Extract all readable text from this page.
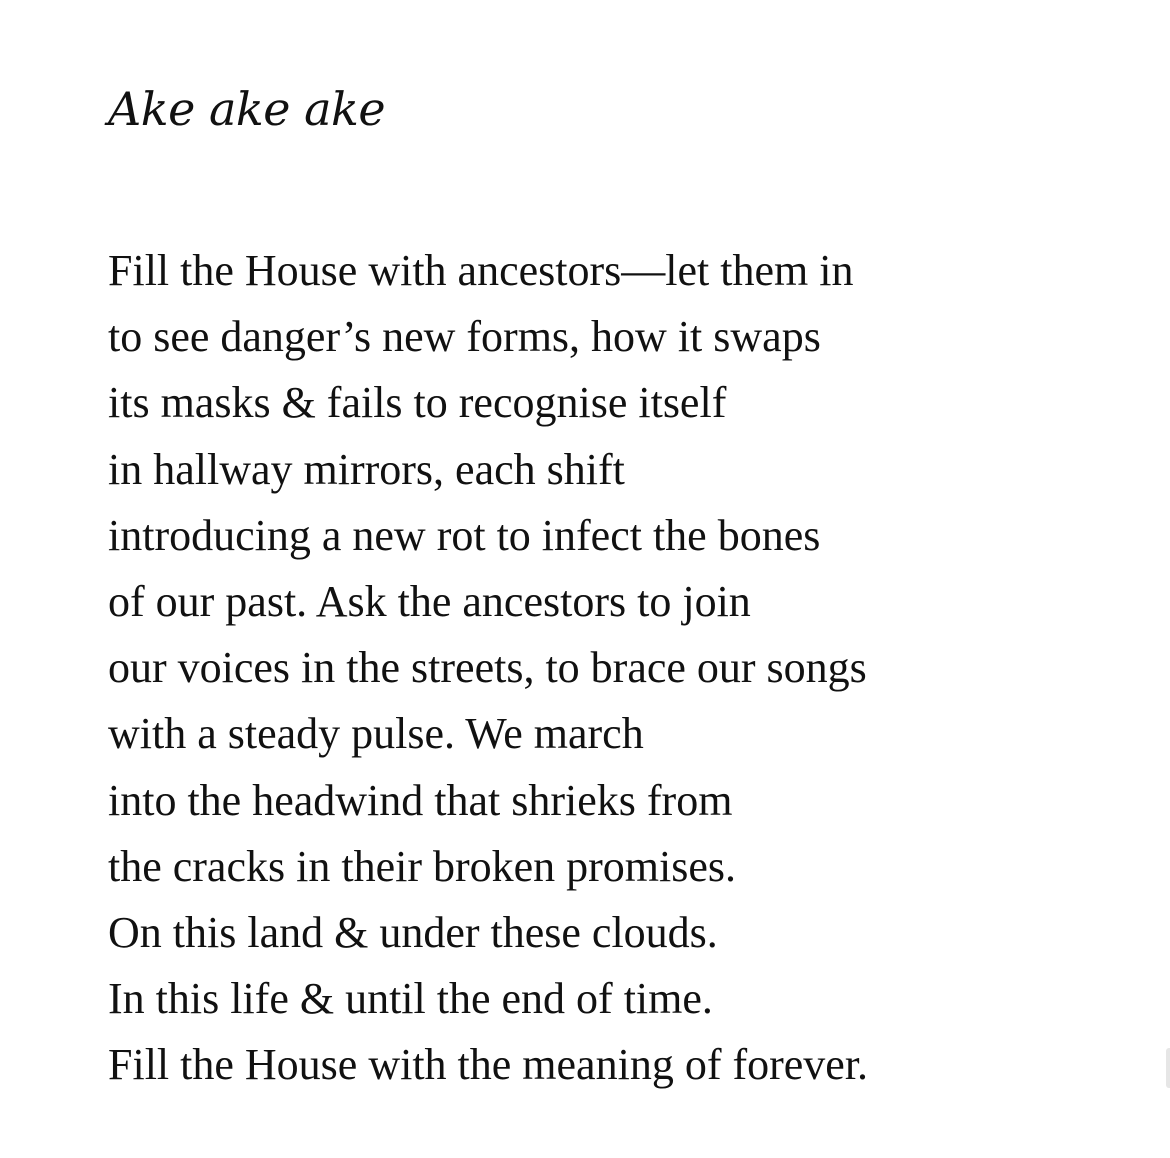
Ake ake ake
Fill the House with ancestors—let them in
to see danger’s new forms, how it swaps
its masks & fails to recognise itself
in hallway mirrors, each shift
introducing a new rot to infect the bones
of our past. Ask the ancestors to join
our voices in the streets, to brace our songs
with a steady pulse. We march
into the headwind that shrieks from
the cracks in their broken promises.
On this land & under these clouds.
In this life & until the end of time.
Fill the House with the meaning of forever.
